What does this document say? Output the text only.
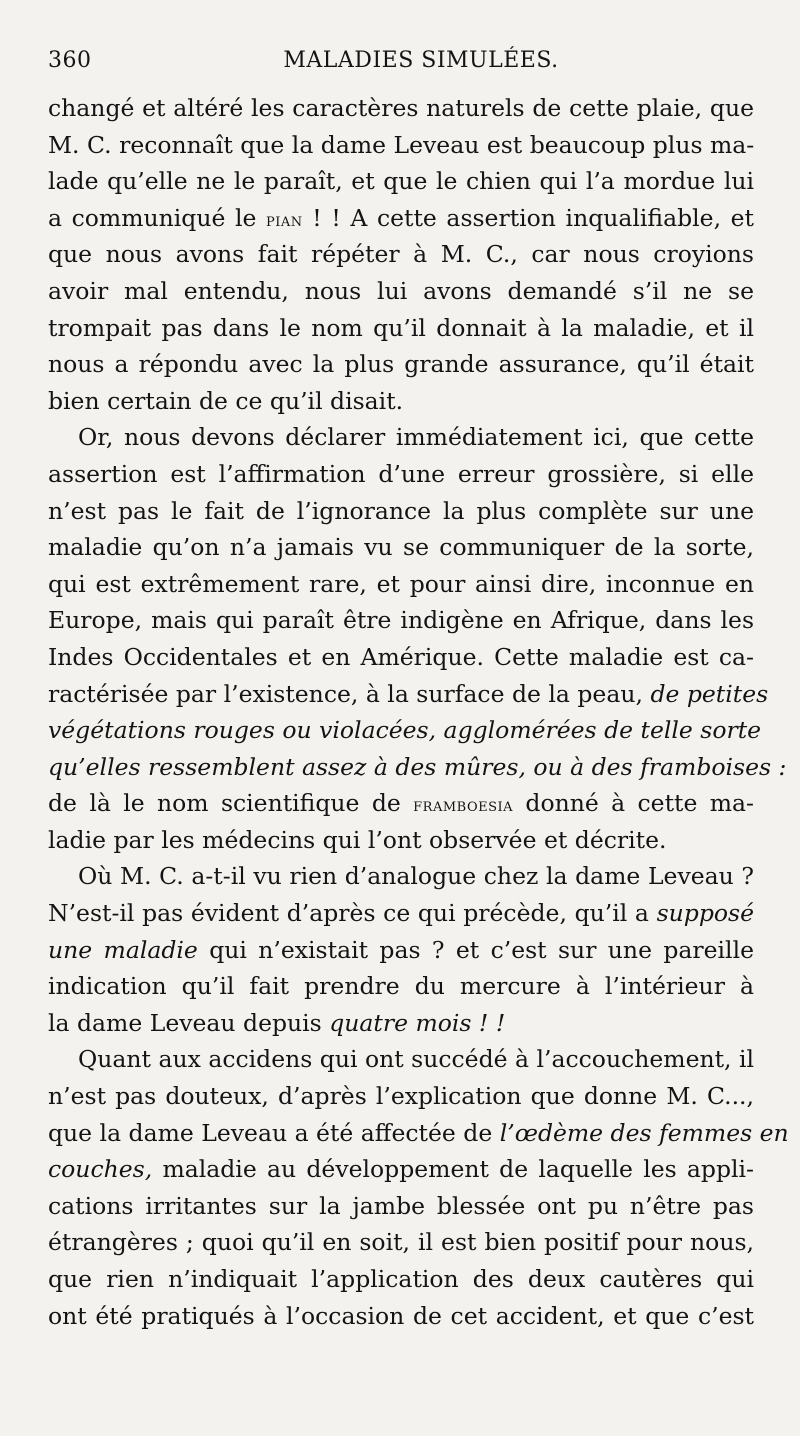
360	MALADIES SIMULÉES.
changé et altéré les caractères naturels de cette plaie, que
M. C. reconnaît que la dame Leveau est beaucoup plus ma-
lade qu’elle ne le paraît, et que le chien qui l’a mordue lui
a communiqué le pian ! ! A cette assertion inqualifiable, et
que nous avons fait répéter à M. C., car nous croyions
avoir mal entendu, nous lui avons demandé s’il ne se
trompait pas dans le nom qu’il donnait à la maladie, et il
nous a répondu avec la plus grande assurance, qu’il était
bien certain de ce qu’il disait.
Or, nous devons déclarer immédiatement ici, que cette
assertion est l’affirmation d’une erreur grossière, si elle
n’est pas le fait de l’ignorance la plus complète sur une
maladie qu’on n’a jamais vu se communiquer de la sorte,
qui est extrêmement rare, et pour ainsi dire, inconnue en
Europe, mais qui paraît être indigène en Afrique, dans les
Indes Occidentales et en Amérique. Cette maladie est ca-
ractérisée par l’existence, à la surface de la peau, de petites
végétations rouges ou violacées, agglomérées de telle sorte
qu’elles ressemblent assez à des mûres, ou à des framboises :
de là le nom scientifique de framboesia donné à cette ma-
ladie par les médecins qui l’ont observée et décrite.
Où M. C. a-t-il vu rien d’analogue chez la dame Leveau ?
N’est-il pas évident d’après ce qui précède, qu’il a supposé
une maladie qui n’existait pas ? et c’est sur une pareille
indication qu’il fait prendre du mercure à l’intérieur à
la dame Leveau depuis quatre mois ! !
Quant aux accidens qui ont succédé à l’accouchement, il
n’est pas douteux, d’après l’explication que donne M. C...,
que la dame Leveau a été affectée de l’œdème des femmes en
couches, maladie au développement de laquelle les appli-
cations irritantes sur la jambe blessée ont pu n’être pas
étrangères ; quoi qu’il en soit, il est bien positif pour nous,
que rien n’indiquait l’application des deux cautères qui
ont été pratiqués à l’occasion de cet accident, et que c’est
